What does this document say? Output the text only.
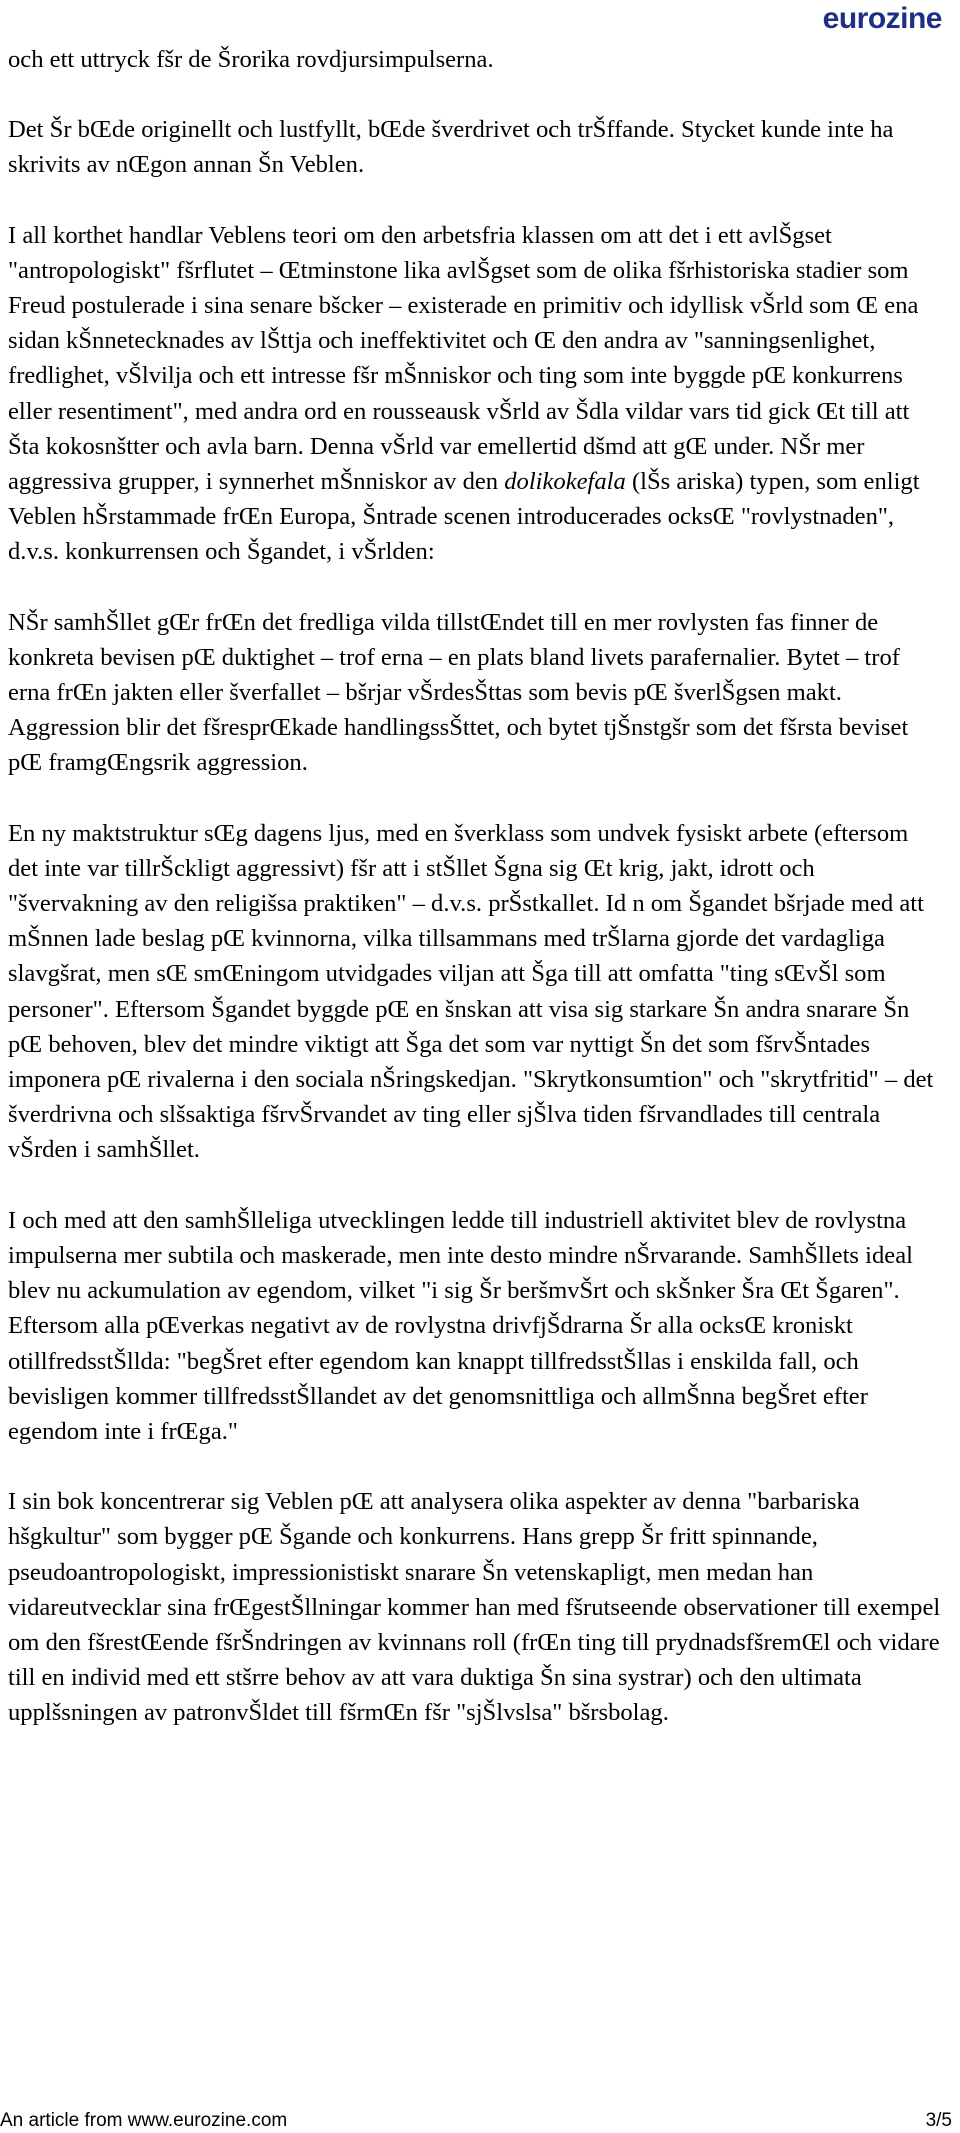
eurozine

och ett uttryck fšr de Šrorika rovdjursimpulserna.

Det Šr bŒde originellt och lustfyllt, bŒde šverdrivet och trŠffande. Stycket kunde inte ha skrivits av nŒgon annan Šn Veblen.

I all korthet handlar Veblens teori om den arbetsfria klassen om att det i ett avlŠgset "antropologiskt" fšrflutet – Œtminstone lika avlŠgset som de olika fšrhistoriska stadier som Freud postulerade i sina senare bšcker – existerade en primitiv och idyllisk vŠrld som Œ ena sidan kŠnnetecknades av lŠttja och ineffektivitet och Œ den andra av "sanningsenlighet, fredlighet, vŠlvilja och ett intresse fšr mŠnniskor och ting som inte byggde pŒ konkurrens eller resentiment", med andra ord en rousseausk vŠrld av Šdla vildar vars tid gick Œt till att Šta kokosnštter och avla barn. Denna vŠrld var emellertid dšmd att gŒ under. NŠr mer aggressiva grupper, i synnerhet mŠnniskor av den dolikokefala (lŠs ariska) typen, som enligt Veblen hŠrstammade frŒn Europa, Šntrade scenen introducerades ocksŒ "rovlystnaden", d.v.s. konkurrensen och Šgandet, i vŠrlden:

NŠr samhŠllet gŒr frŒn det fredliga vilda tillstŒndet till en mer rovlysten fas finner de konkreta bevisen pŒ duktighet – trof erna – en plats bland livets parafernalier. Bytet – trof erna frŒn jakten eller šverfallet – bšrjar vŠrdesŠttas som bevis pŒ šverlŠgsen makt. Aggression blir det fšresprŒkade handlingssŠttet, och bytet tjŠnstgšr som det fšrsta beviset pŒ framgŒngsrik aggression.

En ny maktstruktur sŒg dagens ljus, med en šverklass som undvek fysiskt arbete (eftersom det inte var tillrŠckligt aggressivt) fšr att i stŠllet Šgna sig Œt krig, jakt, idrott och "švervakning av den religišsa praktiken" – d.v.s. prŠstkallet. Id n om Šgandet bšrjade med att mŠnnen lade beslag pŒ kvinnorna, vilka tillsammans med trŠlarna gjorde det vardagliga slavgšrat, men sŒ smŒningom utvidgades viljan att Šga till att omfatta "ting sŒvŠl som personer". Eftersom Šgandet byggde pŒ en šnskan att visa sig starkare Šn andra snarare Šn pŒ behoven, blev det mindre viktigt att Šga det som var nyttigt Šn det som fšrvŠntades imponera pŒ rivalerna i den sociala nŠringskedjan. "Skrytkonsumtion" och "skrytfritid" – det šverdrivna och slšsaktiga fšrvŠrvandet av ting eller sjŠlva tiden fšrvandlades till centrala vŠrden i samhŠllet.

I och med att den samhŠlleliga utvecklingen ledde till industriell aktivitet blev de rovlystna impulserna mer subtila och maskerade, men inte desto mindre nŠrvarande. SamhŠllets ideal blev nu ackumulation av egendom, vilket "i sig Šr beršmvŠrt och skŠnker Šra Œt Šgaren". Eftersom alla pŒverkas negativt av de rovlystna drivfjŠdrarna Šr alla ocksŒ kroniskt otillfredsstŠllda: "begŠret efter egendom kan knappt tillfredsstŠllas i enskilda fall, och bevisligen kommer tillfredsstŠllandet av det genomsnittliga och allmŠnna begŠret efter egendom inte i frŒga."

I sin bok koncentrerar sig Veblen pŒ att analysera olika aspekter av denna "barbariska hšgkultur" som bygger pŒ Šgande och konkurrens. Hans grepp Šr fritt spinnande, pseudoantropologiskt, impressionistiskt snarare Šn vetenskapligt, men medan han vidareutvecklar sina frŒgestŠllningar kommer han med fšrutseende observationer till exempel om den fšrestŒende fšrŠndringen av kvinnans roll (frŒn ting till prydnadsfšremŒl och vidare till en individ med ett stšrre behov av att vara duktiga Šn sina systrar) och den ultimata upplšsningen av patronvŠldet till fšrmŒn fšr "sjŠlvslsa" bšrsbolag.

An article from www.eurozine.com	3/5
